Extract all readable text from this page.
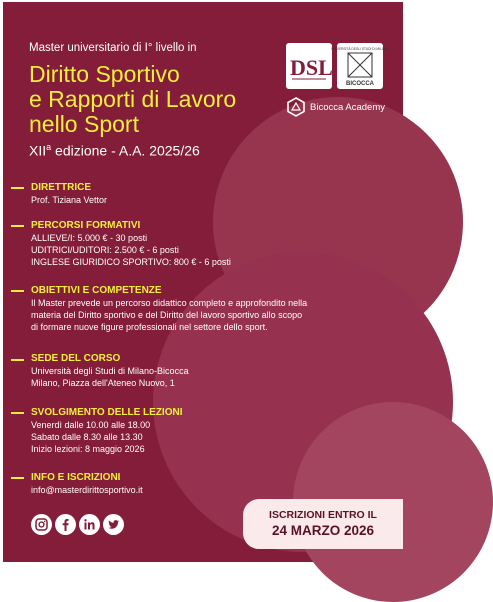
Master universitario di I° livello in
Diritto Sportivo
e Rapporti di Lavoro
nello Sport
XII$^a$ edizione - A.A. 2025/26
DSL
UNIVERSITÀ DEGLI STUDI DI MILANO
BICOCCA
Bicocca Academy
DIRETTRICE
Prof. Tiziana Vettor
PERCORSI FORMATIVI
ALLIEVE/I: 5.000 € - 30 posti
UDITRICI/UDITORI: 2.500 € - 6 posti
INGLESE GIURIDICO SPORTIVO: 800 € - 6 posti
OBIETTIVI E COMPETENZE
Il Master prevede un percorso didattico completo e approfondito nella
materia del Diritto sportivo e del Diritto del lavoro sportivo allo scopo
di formare nuove figure professionali nel settore dello sport.
SEDE DEL CORSO
Università degli Studi di Milano-Bicocca
Milano, Piazza dell'Ateneo Nuovo, 1
SVOLGIMENTO DELLE LEZIONI
Venerdì dalle 10.00 alle 18.00
Sabato dalle 8.30 alle 13.30
Inizio lezioni: 8 maggio 2026
INFO E ISCRIZIONI
info@masterdirittosportivo.it
ISCRIZIONI ENTRO IL
24 MARZO 2026
